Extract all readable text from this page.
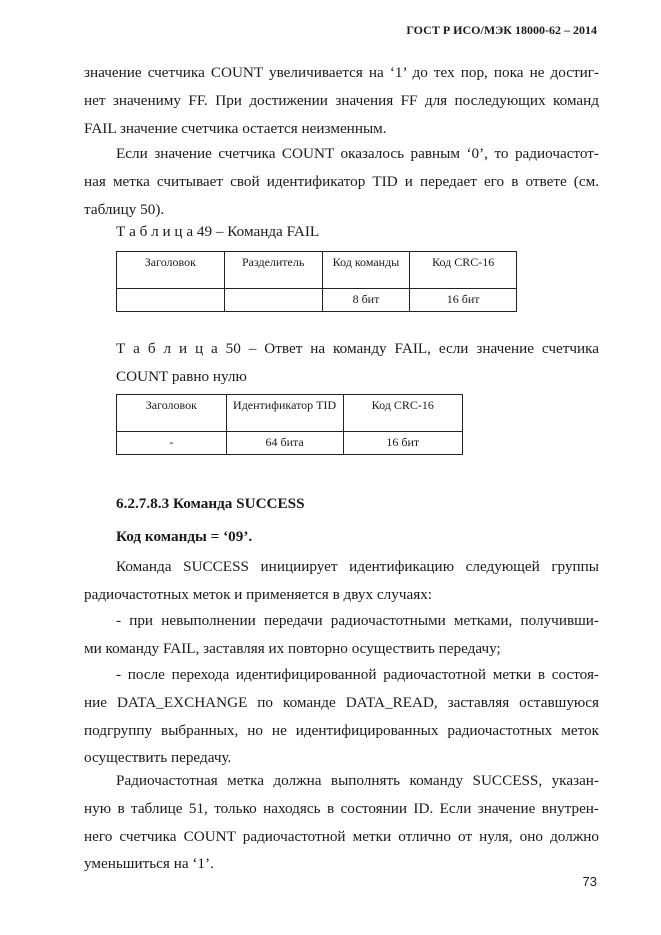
ГОСТ Р ИСО/МЭК 18000-62 – 2014
значение счетчика COUNT увеличивается на ‘1’ до тех пор, пока не достиг-
нет значениму FF. При достижении значения FF для последующих команд
FAIL значение счетчика остается неизменным.
Если значение счетчика COUNT оказалось равным ‘0’, то радиочастот-
ная метка считывает свой идентификатор TID и передает его в ответе (см.
таблицу 50).
Т а б л и ц а 49 – Команда FAIL
Заголовок	Разделитель	Код команды	Код CRC-16
		8 бит	16 бит
Т а б л и ц а 50 – Ответ на команду FAIL, если значение счетчика
COUNT равно нулю
Заголовок	Идентификатор TID	Код CRC-16
-	64 бита	16 бит
6.2.7.8.3 Команда SUCCESS
Код команды = ‘09’.
Команда SUCCESS инициирует идентификацию следующей группы
радиочастотных меток и применяется в двух случаях:
- при невыполнении передачи радиочастотными метками, получивши-
ми команду FAIL, заставляя их повторно осуществить передачу;
- после перехода идентифицированной радиочастотной метки в состоя-
ние DATA_EXCHANGE по команде DATA_READ, заставляя оставшуюся
подгруппу выбранных, но не идентифицированных радиочастотных меток
осуществить передачу.
Радиочастотная метка должна выполнять команду SUCCESS, указан-
ную в таблице 51, только находясь в состоянии ID. Если значение внутрен-
него счетчика COUNT радиочастотной метки отлично от нуля, оно должно
уменьшиться на ‘1’.
73
